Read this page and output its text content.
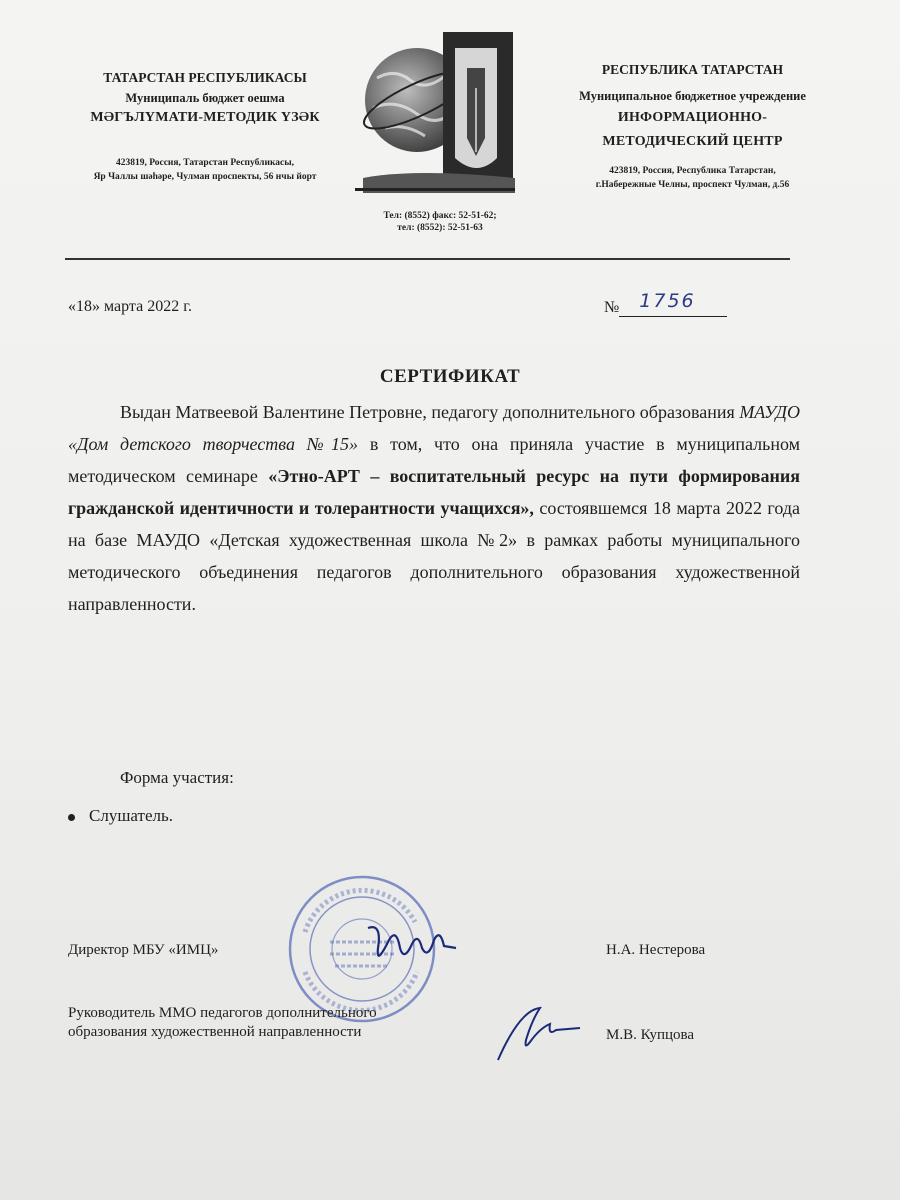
ТАТАРСТАН РЕСПУБЛИКАСЫ
Муниципаль бюджет оешма
МӘГЪЛҮМАТИ-МЕТОДИК ҮЗӘК
423819, Россия, Татарстан Республикасы,
Яр Чаллы шәһәре, Чулман проспекты, 56 нчы йорт
Тел: (8552) факс: 52-51-62;
тел: (8552): 52-51-63
РЕСПУБЛИКА ТАТАРСТАН
Муниципальное бюджетное учреждение
ИНФОРМАЦИОННО-
МЕТОДИЧЕСКИЙ ЦЕНТР
423819, Россия, Республика Татарстан,
г.Набережные Челны, проспект Чулман, д.56
«18» марта 2022 г.	№ 1756
СЕРТИФИКАТ

Выдан Матвеевой Валентине Петровне, педагогу дополнительного образования МАУДО «Дом детского творчества №15» в том, что она приняла участие в муниципальном методическом семинаре «Этно-АРТ – воспитательный ресурс на пути формирования гражданской идентичности и толерантности учащихся», состоявшемся 18 марта 2022 года на базе МАУДО «Детская художественная школа №2» в рамках работы муниципального методического объединения педагогов дополнительного образования художественной направленности.

Форма участия:
Слушатель.
Директор МБУ «ИМЦ»	Н.А. Нестерова
Руководитель ММО педагогов дополнительного
образования художественной направленности	М.В. Купцова
